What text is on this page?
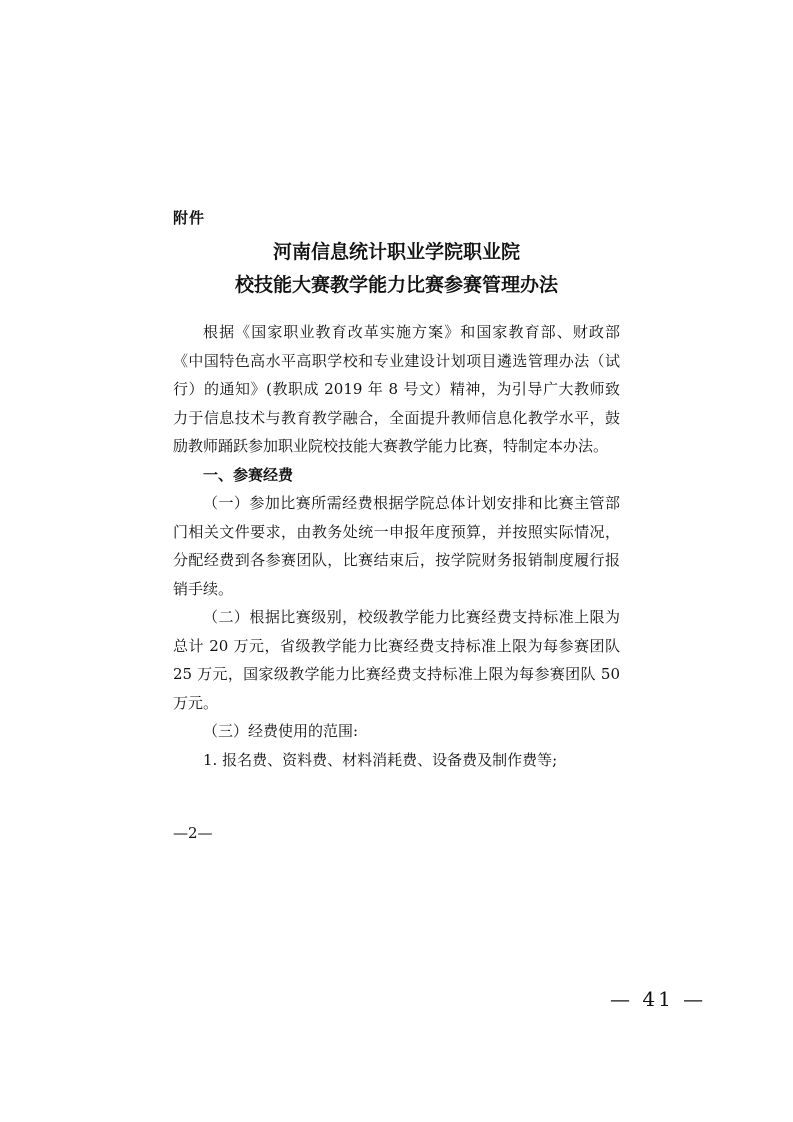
附件
河南信息统计职业学院职业院
校技能大赛教学能力比赛参赛管理办法

根据《国家职业教育改革实施方案》和国家教育部、财政部《中国特色高水平高职学校和专业建设计划项目遴选管理办法（试行）的通知》(教职成 2019 年 8 号文）精神，为引导广大教师致力于信息技术与教育教学融合，全面提升教师信息化教学水平，鼓励教师踊跃参加职业院校技能大赛教学能力比赛，特制定本办法。

一、参赛经费

（一）参加比赛所需经费根据学院总体计划安排和比赛主管部门相关文件要求，由教务处统一申报年度预算，并按照实际情况，分配经费到各参赛团队，比赛结束后，按学院财务报销制度履行报销手续。

（二）根据比赛级别，校级教学能力比赛经费支持标准上限为总计 20 万元，省级教学能力比赛经费支持标准上限为每参赛团队 25 万元，国家级教学能力比赛经费支持标准上限为每参赛团队 50 万元。

（三）经费使用的范围:

1. 报名费、资料费、材料消耗费、设备费及制作费等;

—2—
— 41 —
